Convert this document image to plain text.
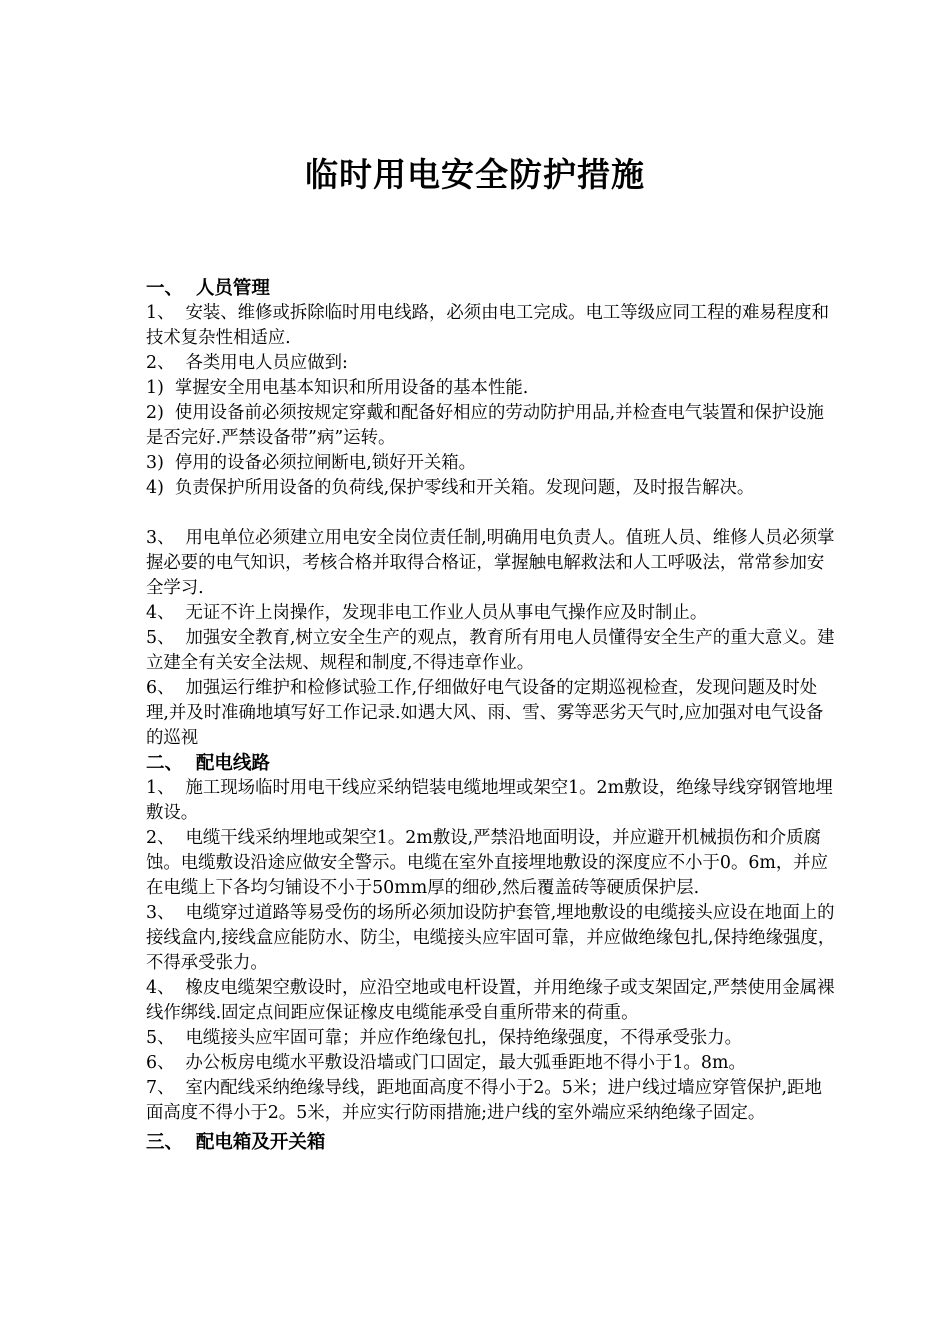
临时用电安全防护措施

一、  人员管理

1、  安装、维修或拆除临时用电线路，必须由电工完成。电工等级应同工程的难易程度和技术复杂性相适应.

2、  各类用电人员应做到:

1)  掌握安全用电基本知识和所用设备的基本性能.

2)  使用设备前必须按规定穿戴和配备好相应的劳动防护用品,并检查电气装置和保护设施是否完好.严禁设备带”病”运转。

3)  停用的设备必须拉闸断电,锁好开关箱。

4)  负责保护所用设备的负荷线,保护零线和开关箱。发现问题，及时报告解决。

3、  用电单位必须建立用电安全岗位责任制,明确用电负责人。值班人员、维修人员必须掌握必要的电气知识，考核合格并取得合格证，掌握触电解救法和人工呼吸法，常常参加安全学习.

4、  无证不许上岗操作，发现非电工作业人员从事电气操作应及时制止。

5、  加强安全教育,树立安全生产的观点，教育所有用电人员懂得安全生产的重大意义。建立建全有关安全法规、规程和制度,不得违章作业。

6、  加强运行维护和检修试验工作,仔细做好电气设备的定期巡视检查，发现问题及时处理,并及时准确地填写好工作记录.如遇大风、雨、雪、雾等恶劣天气时,应加强对电气设备的巡视

二、  配电线路

1、  施工现场临时用电干线应采纳铠装电缆地埋或架空1。2m敷设，绝缘导线穿钢管地埋敷设。

2、  电缆干线采纳埋地或架空1。2m敷设,严禁沿地面明设，并应避开机械损伤和介质腐蚀。电缆敷设沿途应做安全警示。电缆在室外直接埋地敷设的深度应不小于0。6m，并应在电缆上下各均匀铺设不小于50mm厚的细砂,然后覆盖砖等硬质保护层.

3、  电缆穿过道路等易受伤的场所必须加设防护套管,埋地敷设的电缆接头应设在地面上的接线盒内,接线盒应能防水、防尘，电缆接头应牢固可靠，并应做绝缘包扎,保持绝缘强度，不得承受张力。

4、  橡皮电缆架空敷设时，应沿空地或电杆设置，并用绝缘子或支架固定,严禁使用金属裸线作绑线.固定点间距应保证橡皮电缆能承受自重所带来的荷重。

5、  电缆接头应牢固可靠；并应作绝缘包扎，保持绝缘强度，不得承受张力。

6、  办公板房电缆水平敷设沿墙或门口固定，最大弧垂距地不得小于1。8m。

7、  室内配线采纳绝缘导线，距地面高度不得小于2。5米；进户线过墙应穿管保护,距地面高度不得小于2。5米，并应实行防雨措施;进户线的室外端应采纳绝缘子固定。

三、  配电箱及开关箱
